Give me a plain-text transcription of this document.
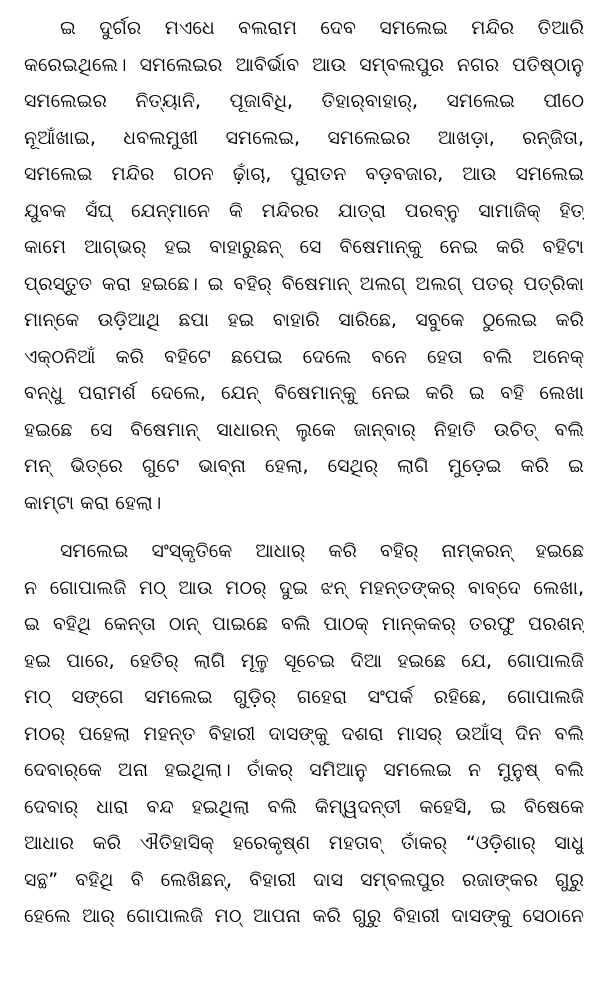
ଇ ଦୁର୍ଗର ମଏଧେ ବଲରାମ ଦେବ ସମଲେଇ ମନ୍ଦିର ତିଆରି
କରେଇଥିଲେ। ସମଲେଇର ଆବିର୍ଭାବ ଆଉ ସମ୍ବଲପୁର ନଗର ପତିଷ୍ଠାନୁ
ସମଲେଇର ନିତ୍ୟାନି, ପୂଜାବିଧି, ତିହାର୍‌ବାହାର୍‌, ସମଲେଇ ପୀଠେ
ନୂଆଁଖାଇ, ଧବଲମୁଖୀ ସମଲେଇ, ସମଲେଇର ଆଖଡ଼ା, ରନ୍‌ଜିତା,
ସମଲେଇ ମନ୍ଦିର ଗଠନ ଢ଼ାଁଚା, ପୁରାତନ ବଡ଼ବଜାର, ଆଉ ସମଲେଇ
ଯୁବକ ସଁଘ୍‌ ଯେନ୍‌ମାନେ କି ମନ୍ଦିରର ଯାତ୍ରା ପରବ୍‌ନୁ ସାମାଜିକ୍‌ ହିତ୍‌
କାମେ ଆଗ୍‌ଭର୍‌ ହଇ ବାହାରୁଛନ୍‌ ସେ ବିଷେମାନ୍‌କୁ ନେଇ କରି ବହିଟା
ପ୍ରସ୍ତୁତ କରା ହଇଛେ। ଇ ବହିର୍‌ ବିଷେମାନ୍‌ ଅଲଗ୍‌ ଅଲଗ୍‌ ପତର୍‌ ପତ୍ରିକା
ମାନ୍‌କେ ଉଡ଼ିଆଥି ଛପା ହଇ ବାହାରି ସାରିଛେ, ସବୁକେ ଠୁଲେଇ କରି
ଏକ୍‌ଠନିଆଁ କରି ବହିଟେ ଛପେଇ ଦେଲେ ବନେ ହେତା ବଲି ଅନେକ୍‌
ବନ୍ଧୁ ପରାମର୍ଶ ଦେଲେ, ଯେନ୍‌ ବିଷେମାନ୍‌କୁ ନେଇ କରି ଇ ବହି ଲେଖା
ହଇଛେ ସେ ବିଷେମାନ୍‌ ସାଧାରନ୍‌ ଲୁକେ ଜାନ୍‌ବାର୍‌ ନିହାତି ଉଚିତ୍‌ ବଲି
ମନ୍‌ ଭିତ୍ରେ ଗୁଟେ ଭାବ୍‌ନା ହେଲା, ସେଥିର୍‌ ଲାଗି ମୁଡ଼େଇ କରି ଇ
କାମ୍‌ଟା କରା ହେଲା।
ସମଲେଇ ସଂସ୍କୃତିକେ ଆଧାର୍‌ କରି ବହିର୍‌ ନାମ୍‌କରନ୍‌ ହଇଛେ
ନ ଗୋପାଲଜି ମଠ୍‌ ଆଉ ମଠର୍‌ ଦୁଇ ଝନ୍‌ ମହନ୍ତଙ୍କର୍‌ ବାବ୍‌ଦେ ଲେଖା,
ଇ ବହିଥି କେନ୍ତା ଠାନ୍‌ ପାଇଛେ ବଲି ପାଠକ୍‌ ମାନ୍‌କକର୍‌ ତରଫୁ ପରଶନ୍‌
ହଇ ପାରେ, ହେତିର୍‌ ଲାଗି ମୂଳୁ ସୂଚେଇ ଦିଆ ହଇଛେ ଯେ, ଗୋପାଲଜି
ମଠ୍‌ ସଙ୍ଗେ ସମଲେଇ ଗୁଡ଼ିର୍‌ ଗହେରା ସଂପର୍କ ରହିଛେ, ଗୋପାଲଜି
ମଠର୍‌ ପହେଲା ମହନ୍ତ ବିହାରୀ ଦାସଙ୍କୁ ଦଶରା ମାସର୍‌ ଉଆଁସ୍‌ ଦିନ ବଲି
ଦେବାର୍‌କେ ଅନା ହଇଥିଲା। ତାଁକର୍‌ ସମିଆନୁ ସମଲେଇ ନ ମୁନୁଷ୍‌ ବଲି
ଦେବାର୍‌ ଧାରା ବନ୍ଦ ହଇଥିଲା ବଲି କିମ୍ୱଦନ୍ତୀ କହେସି, ଇ ବିଷେକେ
ଆଧାର କରି ଐତିହାସିକ୍‌ ହରେକୃଷ୍ଣ ମହତାବ୍‌ ତାଁକର୍‌ “ଓଡ଼ିଶାର୍‌ ସାଧୁ
ସନ୍ଥ” ବହିଥି ବି ଲେଖିଛନ୍‌, ବିହାରୀ ଦାସ ସମ୍ବଲପୁର ରଜାଙ୍କର ଗୁରୁ
ହେଲେ ଆର୍‌ ଗୋପାଲଜି ମଠ୍‌ ଆପନା କରି ଗୁରୁ ବିହାରୀ ଦାସଙ୍କୁ ସେଠାନେ
